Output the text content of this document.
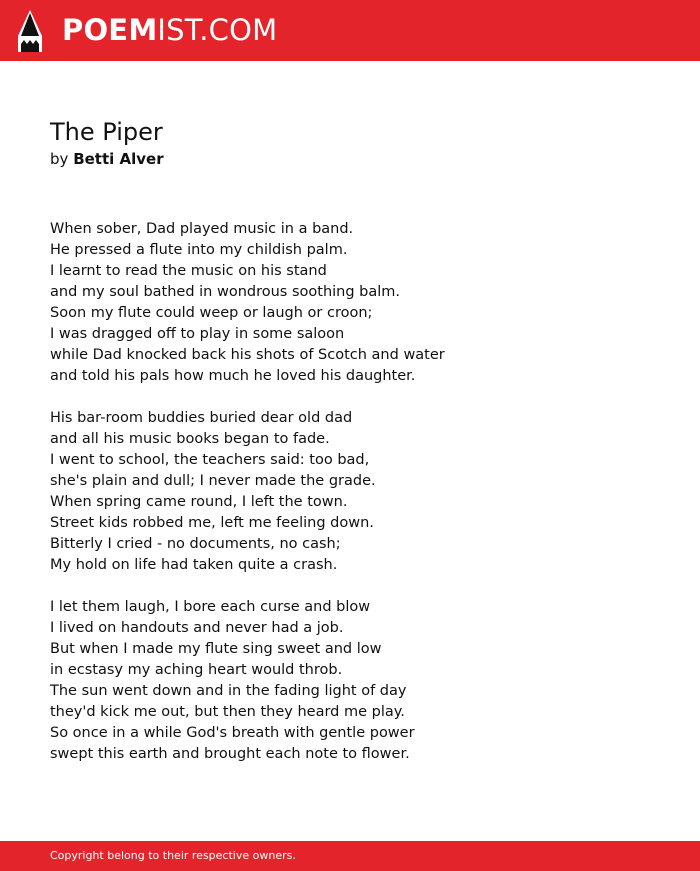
POEMIST.COM
The Piper
by Betti Alver
When sober, Dad played music in a band.
He pressed a flute into my childish palm.
I learnt to read the music on his stand
and my soul bathed in wondrous soothing balm.
Soon my flute could weep or laugh or croon;
I was dragged off to play in some saloon
while Dad knocked back his shots of Scotch and water
and told his pals how much he loved his daughter.
His bar-room buddies buried dear old dad
and all his music books began to fade.
I went to school, the teachers said: too bad,
she's plain and dull; I never made the grade.
When spring came round, I left the town.
Street kids robbed me, left me feeling down.
Bitterly I cried - no documents, no cash;
My hold on life had taken quite a crash.
I let them laugh, I bore each curse and blow
I lived on handouts and never had a job.
But when I made my flute sing sweet and low
in ecstasy my aching heart would throb.
The sun went down and in the fading light of day
they'd kick me out, but then they heard me play.
So once in a while God's breath with gentle power
swept this earth and brought each note to flower.
Copyright belong to their respective owners.
